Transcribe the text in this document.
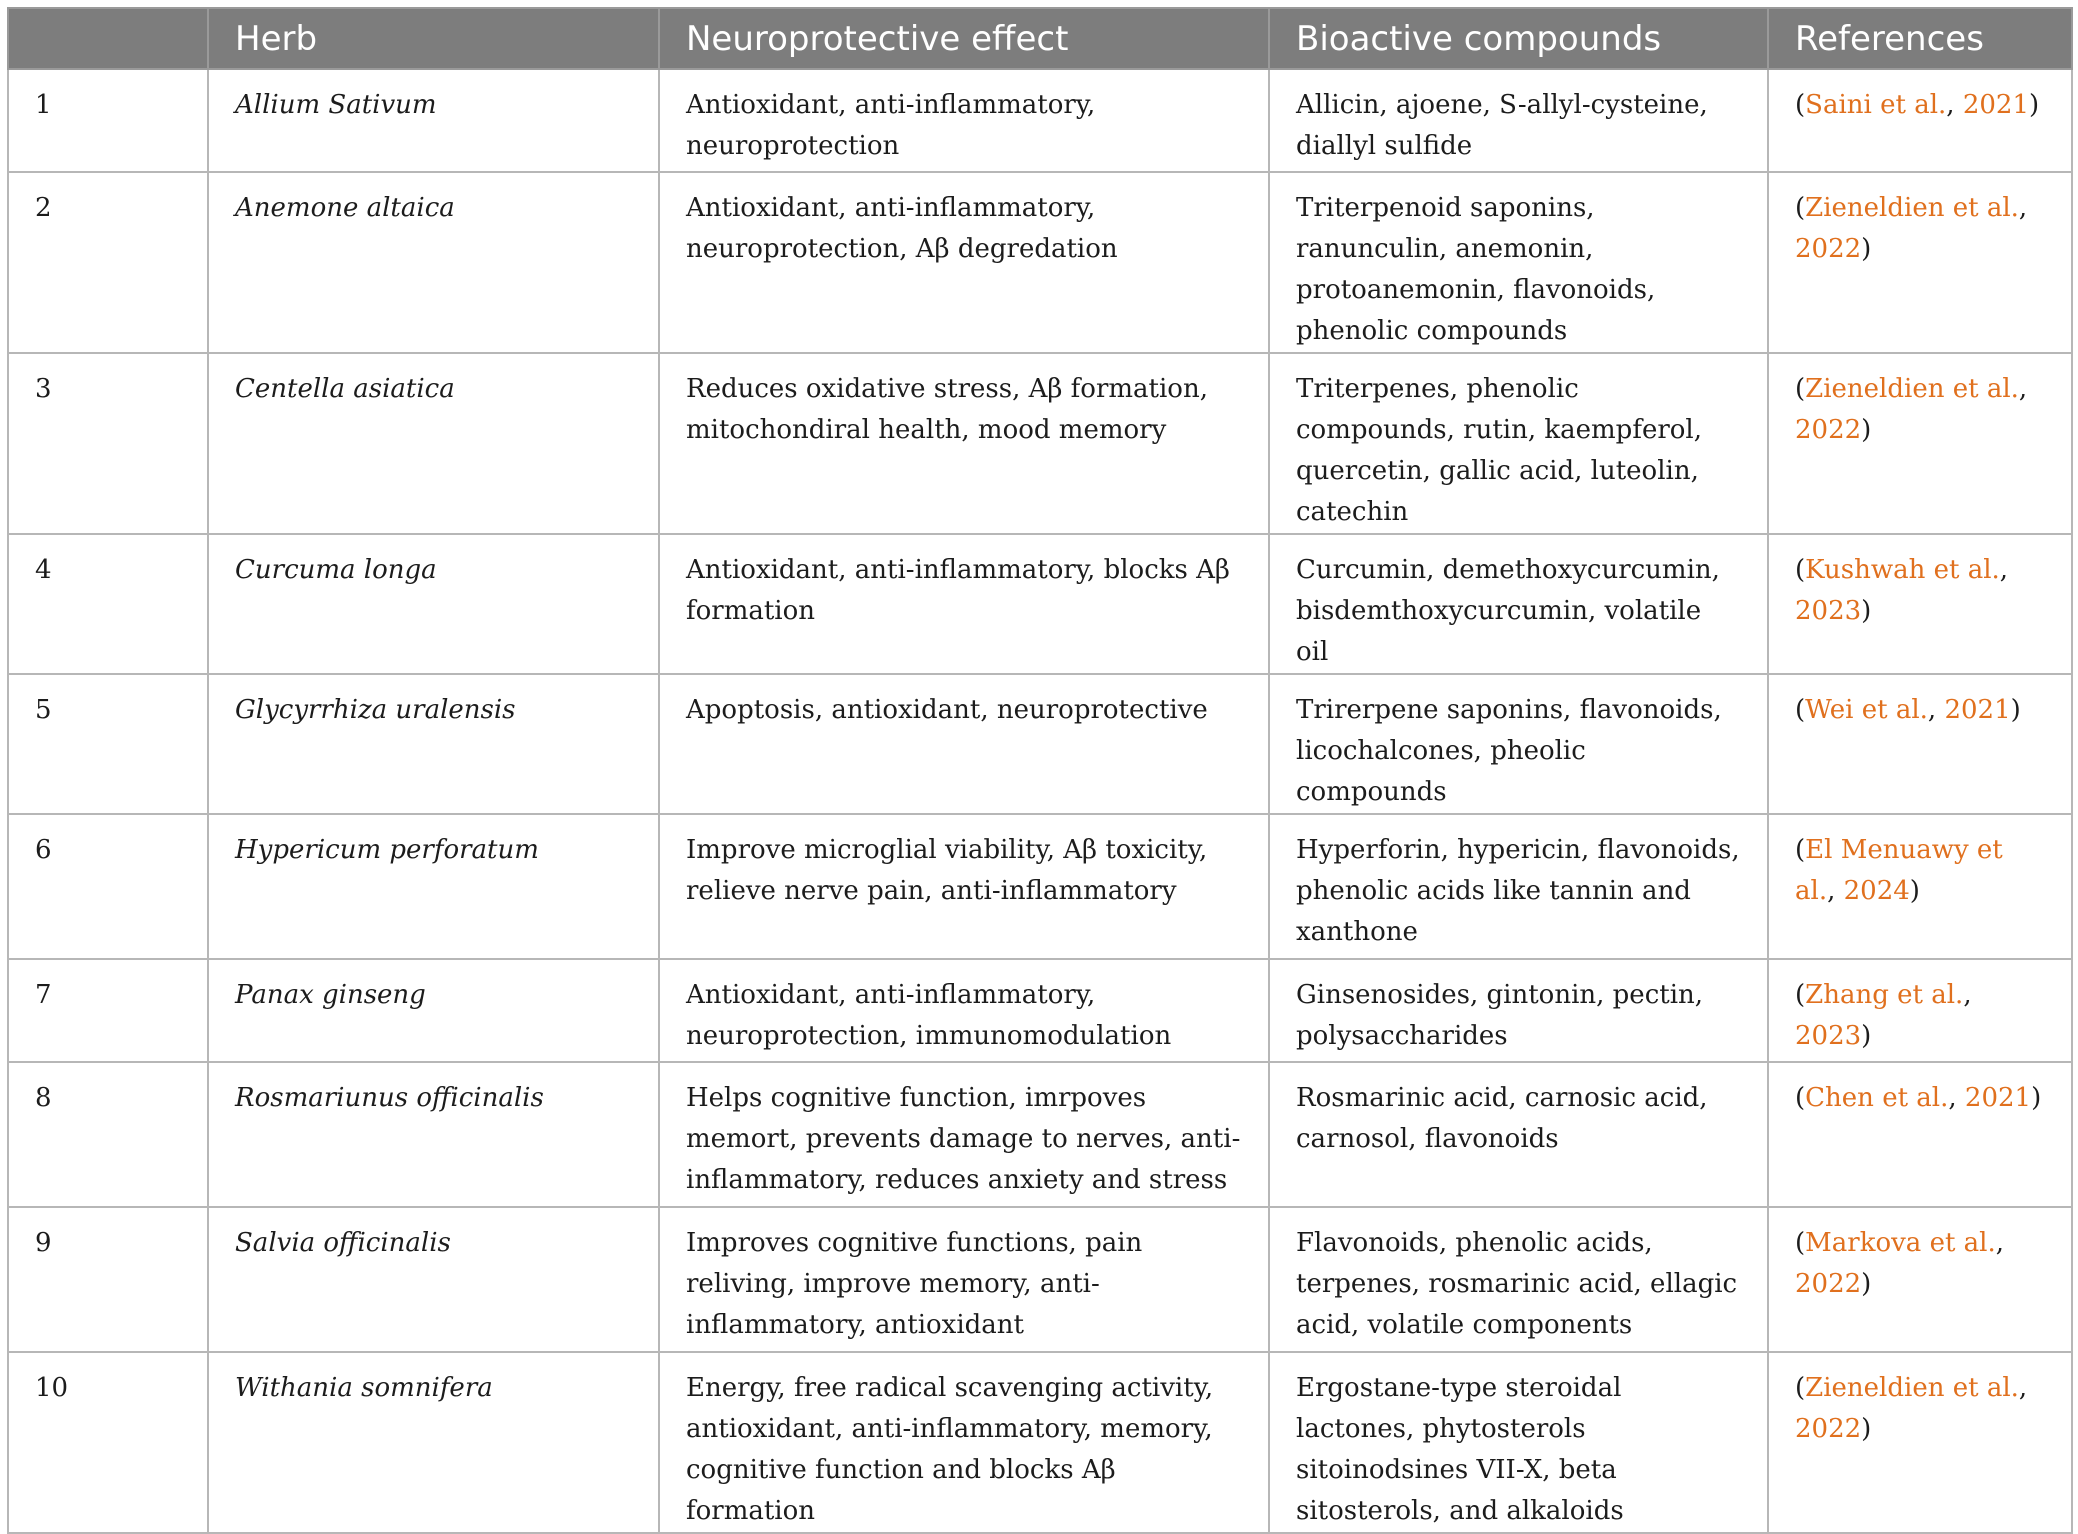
	Herb	Neuroprotective effect	Bioactive compounds	References
1	Allium Sativum	Antioxidant, anti-inflammatory, neuroprotection	Allicin, ajoene, S-allyl-cysteine, diallyl sulfide	(Saini et al., 2021)
2	Anemone altaica	Antioxidant, anti-inflammatory, neuroprotection, Aβ degredation	Triterpenoid saponins, ranunculin, anemonin, protoanemonin, flavonoids, phenolic compounds	(Zieneldien et al., 2022)
3	Centella asiatica	Reduces oxidative stress, Aβ formation, mitochondiral health, mood memory	Triterpenes, phenolic compounds, rutin, kaempferol, quercetin, gallic acid, luteolin, catechin	(Zieneldien et al., 2022)
4	Curcuma longa	Antioxidant, anti-inflammatory, blocks Aβ formation	Curcumin, demethoxycurcumin, bisdemthoxycurcumin, volatile oil	(Kushwah et al., 2023)
5	Glycyrrhiza uralensis	Apoptosis, antioxidant, neuroprotective	Trirerpene saponins, flavonoids, licochalcones, pheolic compounds	(Wei et al., 2021)
6	Hypericum perforatum	Improve microglial viability, Aβ toxicity, relieve nerve pain, anti-inflammatory	Hyperforin, hypericin, flavonoids, phenolic acids like tannin and xanthone	(El Menuawy et al., 2024)
7	Panax ginseng	Antioxidant, anti-inflammatory, neuroprotection, immunomodulation	Ginsenosides, gintonin, pectin, polysaccharides	(Zhang et al., 2023)
8	Rosmariunus officinalis	Helps cognitive function, imrpoves memort, prevents damage to nerves, anti-inflammatory, reduces anxiety and stress	Rosmarinic acid, carnosic acid, carnosol, flavonoids	(Chen et al., 2021)
9	Salvia officinalis	Improves cognitive functions, pain reliving, improve memory, anti-inflammatory, antioxidant	Flavonoids, phenolic acids, terpenes, rosmarinic acid, ellagic acid, volatile components	(Markova et al., 2022)
10	Withania somnifera	Energy, free radical scavenging activity, antioxidant, anti-inflammatory, memory, cognitive function and blocks Aβ formation	Ergostane-type steroidal lactones, phytosterols sitoinodsines VII-X, beta sitosterols, and alkaloids	(Zieneldien et al., 2022)
